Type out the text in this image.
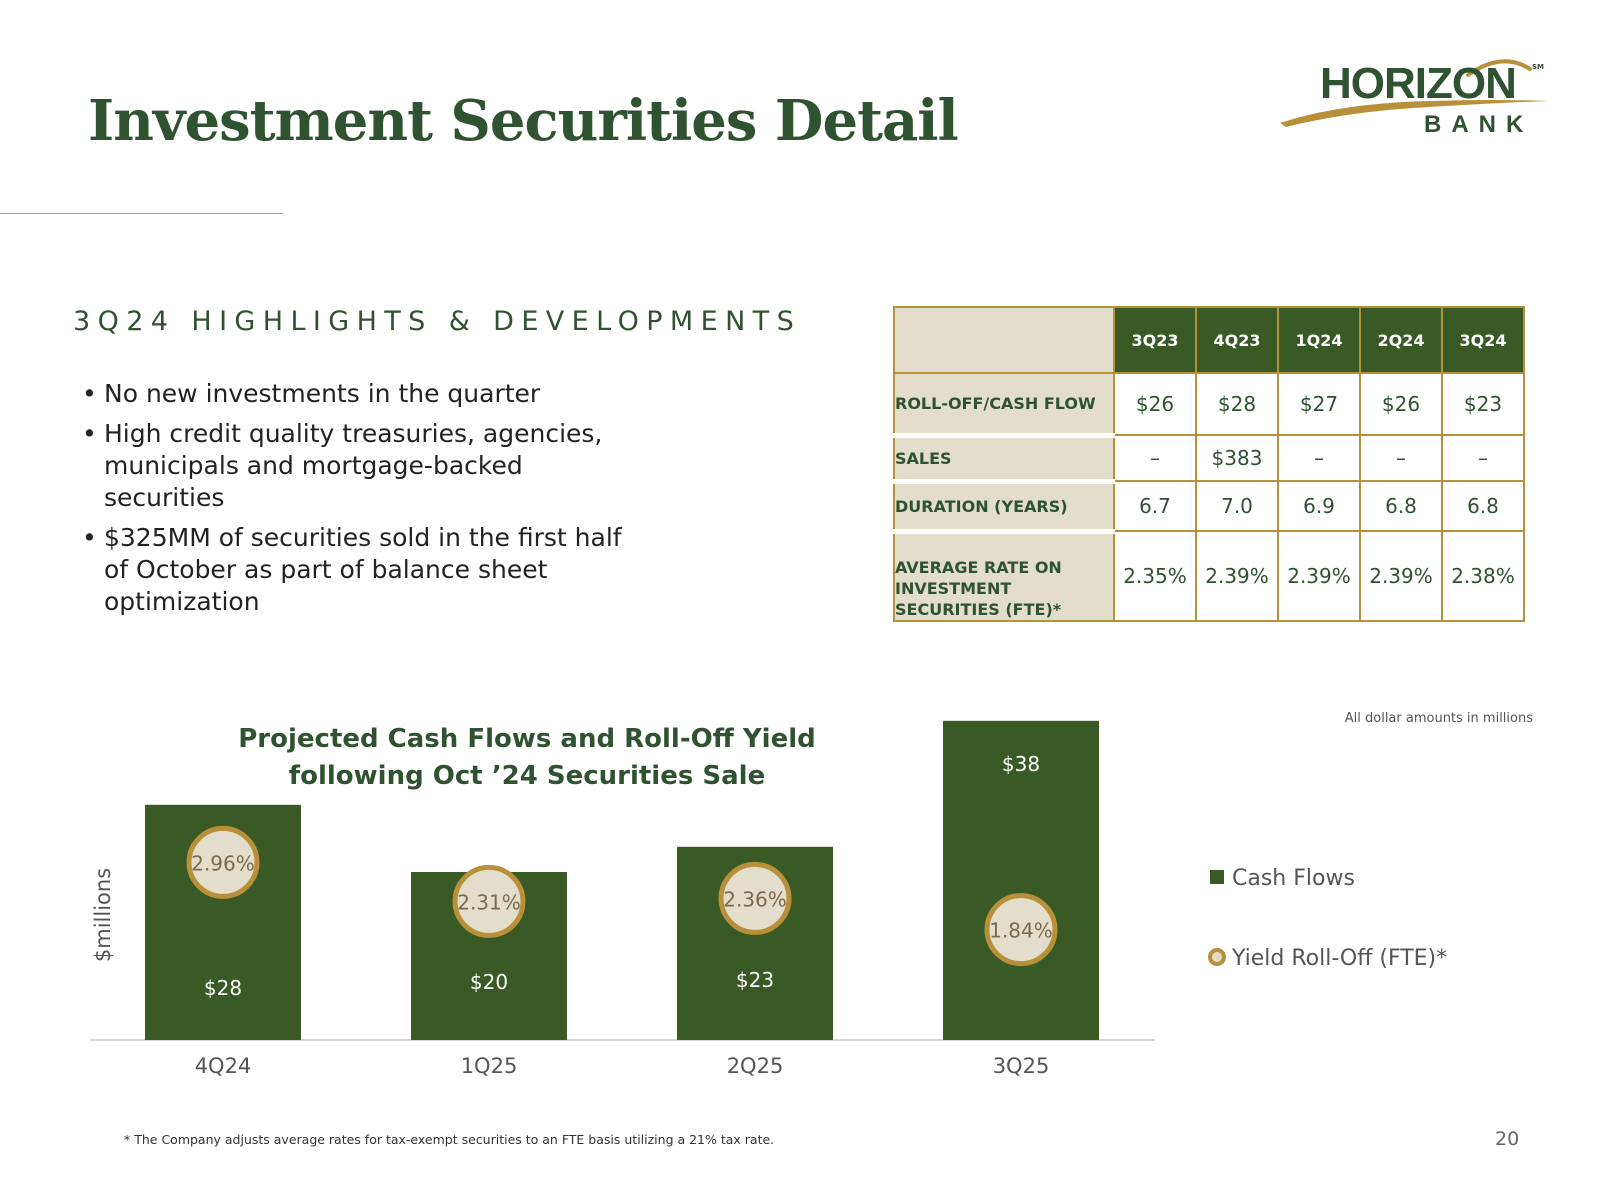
Investment Securities Detail
HORIZON SM
BANK
3Q24 HIGHLIGHTS & DEVELOPMENTS
• No new investments in the quarter
• High credit quality treasuries, agencies, municipals and mortgage-backed securities
• $325MM of securities sold in the first half of October as part of balance sheet optimization
	3Q23	4Q23	1Q24	2Q24	3Q24
ROLL-OFF/CASH FLOW	$26	$28	$27	$26	$23
SALES	–	$383	–	–	–
DURATION (YEARS)	6.7	7.0	6.9	6.8	6.8
AVERAGE RATE ON INVESTMENT SECURITIES (FTE)*	2.35%	2.39%	2.39%	2.39%	2.38%
Projected Cash Flows and Roll-Off Yield
following Oct ’24 Securities Sale
$millions
$28
2.96%
4Q24
$20
2.31%
1Q25
$23
2.36%
2Q25
$38
1.84%
3Q25
Cash Flows
Yield Roll-Off (FTE)*
All dollar amounts in millions
* The Company adjusts average rates for tax-exempt securities to an FTE basis utilizing a 21% tax rate.	20
